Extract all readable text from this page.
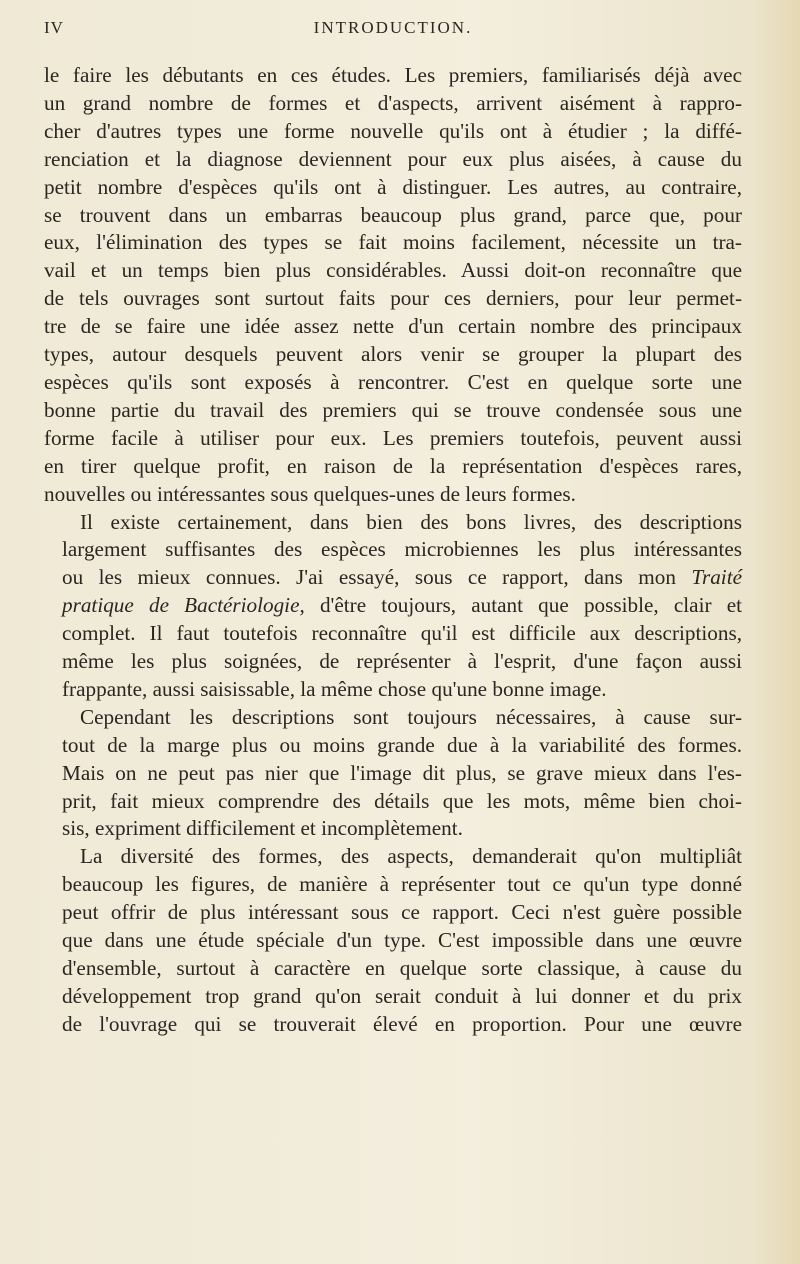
IV	INTRODUCTION.

le faire les débutants en ces études. Les premiers, familiarisés déjà avec
un grand nombre de formes et d'aspects, arrivent aisément à rappro-
cher d'autres types une forme nouvelle qu'ils ont à étudier ; la diffé-
renciation et la diagnose deviennent pour eux plus aisées, à cause du
petit nombre d'espèces qu'ils ont à distinguer. Les autres, au contraire,
se trouvent dans un embarras beaucoup plus grand, parce que, pour
eux, l'élimination des types se fait moins facilement, nécessite un tra-
vail et un temps bien plus considérables. Aussi doit-on reconnaître que
de tels ouvrages sont surtout faits pour ces derniers, pour leur permet-
tre de se faire une idée assez nette d'un certain nombre des principaux
types, autour desquels peuvent alors venir se grouper la plupart des
espèces qu'ils sont exposés à rencontrer. C'est en quelque sorte une
bonne partie du travail des premiers qui se trouve condensée sous une
forme facile à utiliser pour eux. Les premiers toutefois, peuvent aussi
en tirer quelque profit, en raison de la représentation d'espèces rares,
nouvelles ou intéressantes sous quelques-unes de leurs formes.

Il existe certainement, dans bien des bons livres, des descriptions
largement suffisantes des espèces microbiennes les plus intéressantes
ou les mieux connues. J'ai essayé, sous ce rapport, dans mon Traité
pratique de Bactériologie, d'être toujours, autant que possible, clair et
complet. Il faut toutefois reconnaître qu'il est difficile aux descriptions,
même les plus soignées, de représenter à l'esprit, d'une façon aussi
frappante, aussi saisissable, la même chose qu'une bonne image.

Cependant les descriptions sont toujours nécessaires, à cause sur-
tout de la marge plus ou moins grande due à la variabilité des formes.
Mais on ne peut pas nier que l'image dit plus, se grave mieux dans l'es-
prit, fait mieux comprendre des détails que les mots, même bien choi-
sis, expriment difficilement et incomplètement.

La diversité des formes, des aspects, demanderait qu'on multipliât
beaucoup les figures, de manière à représenter tout ce qu'un type donné
peut offrir de plus intéressant sous ce rapport. Ceci n'est guère possible
que dans une étude spéciale d'un type. C'est impossible dans une œuvre
d'ensemble, surtout à caractère en quelque sorte classique, à cause du
développement trop grand qu'on serait conduit à lui donner et du prix
de l'ouvrage qui se trouverait élevé en proportion. Pour une œuvre
